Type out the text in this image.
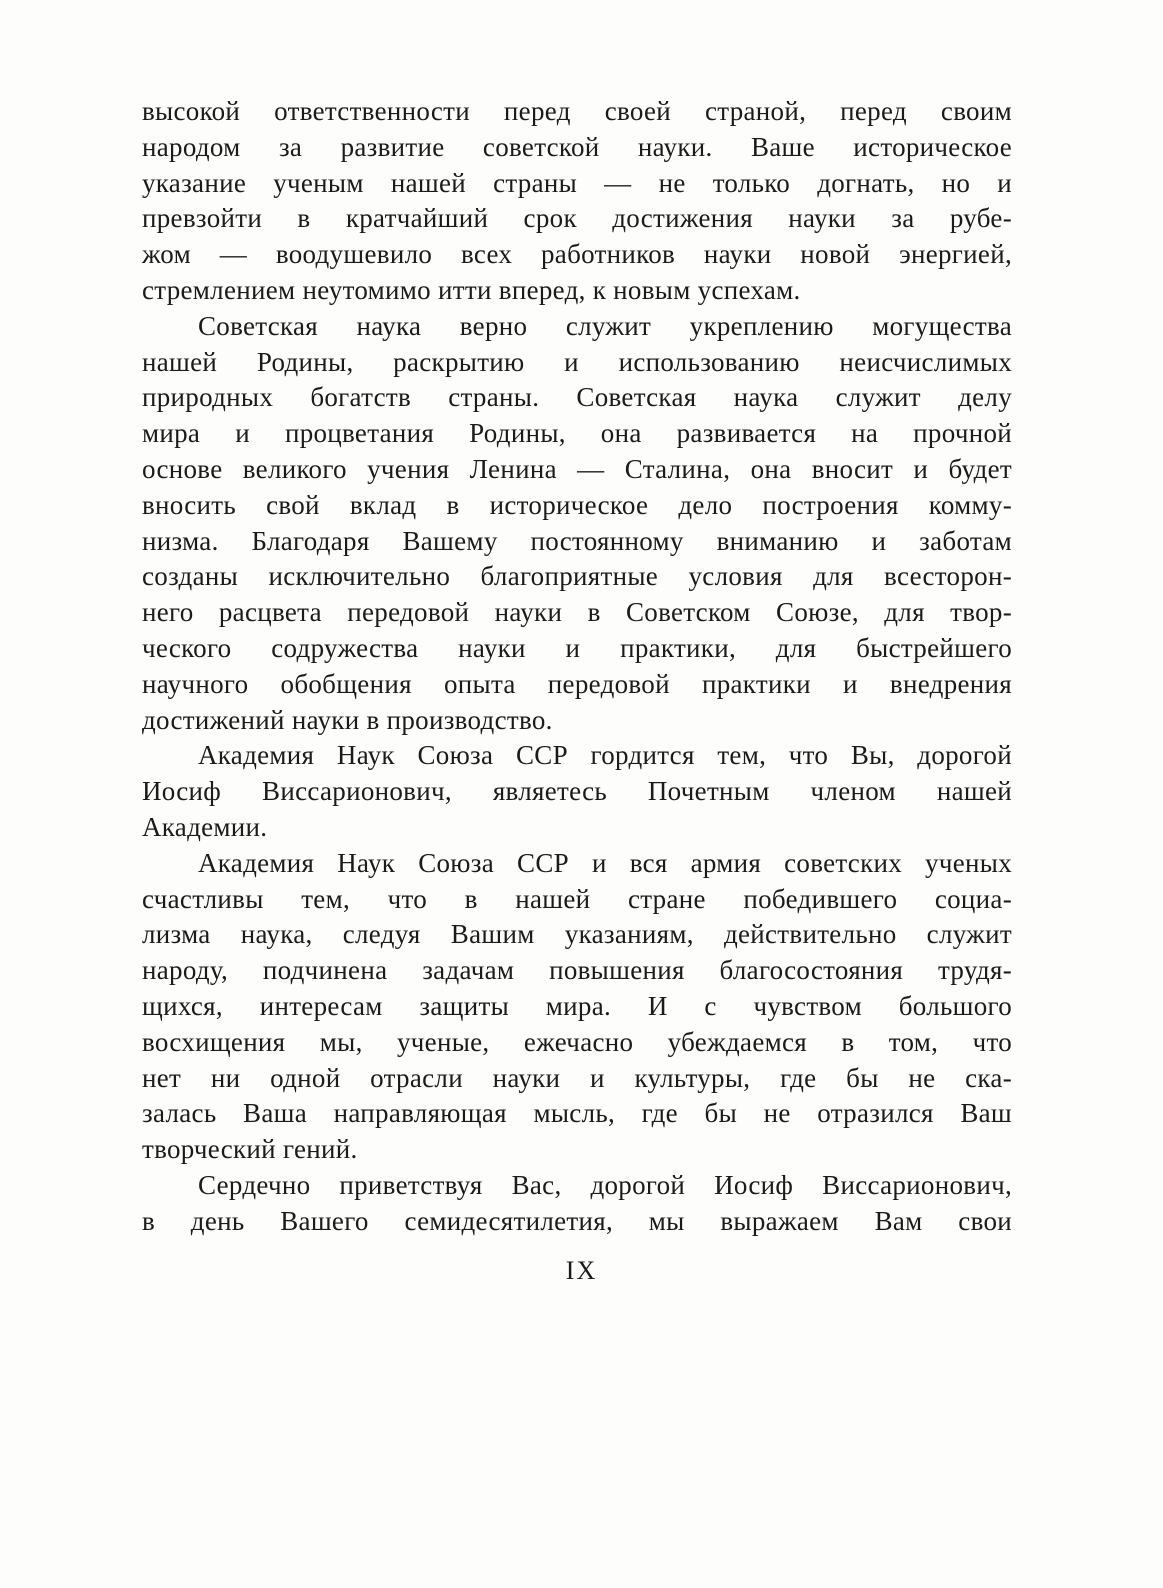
высокой ответственности перед своей страной, перед своим
народом за развитие советской науки. Ваше историческое
указание ученым нашей страны — не только догнать, но и
превзойти в кратчайший срок достижения науки за рубе-
жом — воодушевило всех работников науки новой энергией,
стремлением неутомимо итти вперед, к новым успехам.
Советская наука верно служит укреплению могущества
нашей Родины, раскрытию и использованию неисчислимых
природных богатств страны. Советская наука служит делу
мира и процветания Родины, она развивается на прочной
основе великого учения Ленина — Сталина, она вносит и будет
вносить свой вклад в историческое дело построения комму-
низма. Благодаря Вашему постоянному вниманию и заботам
созданы исключительно благоприятные условия для всесторон-
него расцвета передовой науки в Советском Союзе, для твор-
ческого содружества науки и практики, для быстрейшего
научного обобщения опыта передовой практики и внедрения
достижений науки в производство.
Академия Наук Союза ССР гордится тем, что Вы, дорогой
Иосиф Виссарионович, являетесь Почетным членом нашей
Академии.
Академия Наук Союза ССР и вся армия советских ученых
счастливы тем, что в нашей стране победившего социа-
лизма наука, следуя Вашим указаниям, действительно служит
народу, подчинена задачам повышения благосостояния трудя-
щихся, интересам защиты мира. И с чувством большого
восхищения мы, ученые, ежечасно убеждаемся в том, что
нет ни одной отрасли науки и культуры, где бы не ска-
залась Ваша направляющая мысль, где бы не отразился Ваш
творческий гений.
Сердечно приветствуя Вас, дорогой Иосиф Виссарионович,
в день Вашего семидесятилетия, мы выражаем Вам свои
IX
